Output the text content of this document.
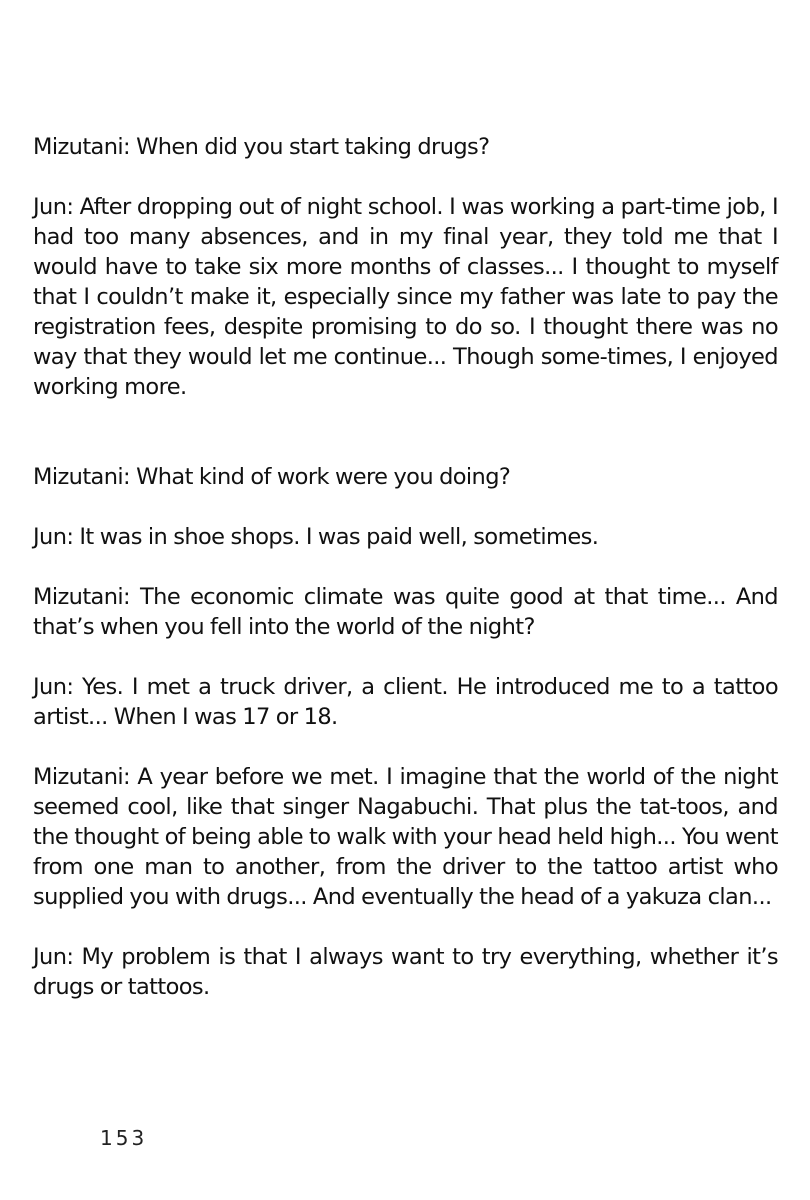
Mizutani: When did you start taking drugs?

Jun: After dropping out of night school. I was working a part-time job, I had too many absences, and in my final year, they told me that I would have to take six more months of classes... I thought to myself that I couldn’t make it, especially since my father was late to pay the registration fees, despite promising to do so. I thought there was no way that they would let me continue... Though some-times, I enjoyed working more.

Mizutani: What kind of work were you doing?

Jun: It was in shoe shops. I was paid well, sometimes.

Mizutani: The economic climate was quite good at that time... And that’s when you fell into the world of the night?

Jun: Yes. I met a truck driver, a client. He introduced me to a tattoo artist... When I was 17 or 18.

Mizutani: A year before we met. I imagine that the world of the night seemed cool, like that singer Nagabuchi. That plus the tat-toos, and the thought of being able to walk with your head held high... You went from one man to another, from the driver to the tattoo artist who supplied you with drugs... And eventually the head of a yakuza clan...

Jun: My problem is that I always want to try everything, whether it’s drugs or tattoos.

153
